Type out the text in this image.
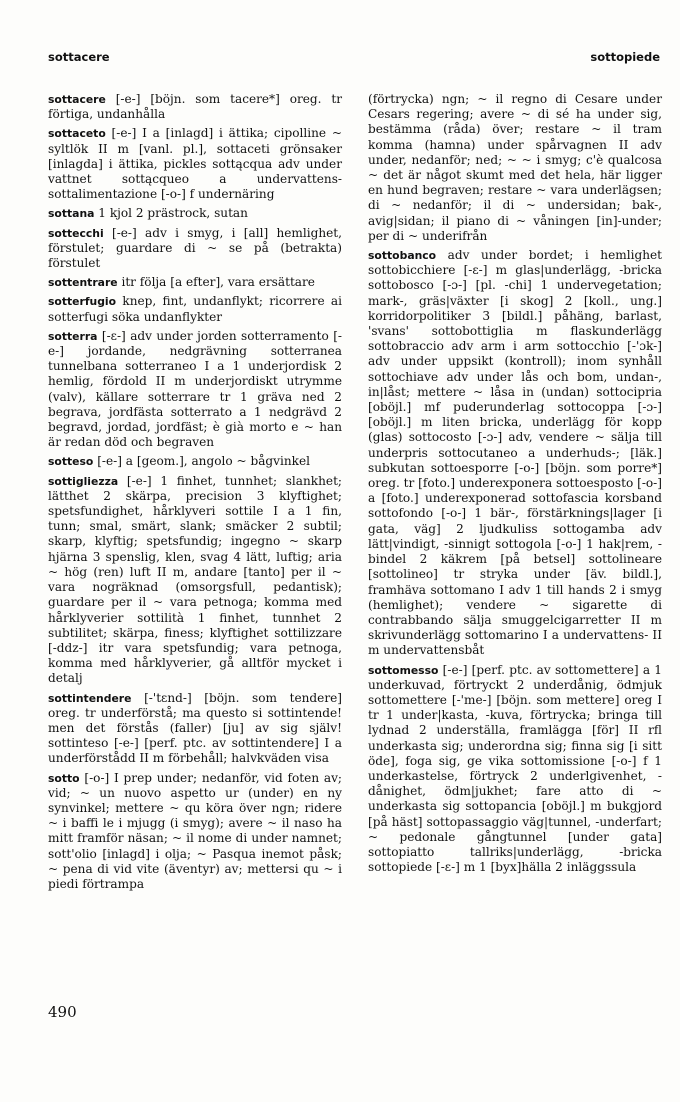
sottacere	sottopiede

sottacere [-e-] [böjn. som tacere*] oreg. tr förtiga, undanhålla

sottaceto [-e-] I a [inlagd] i ättika; cipolline ~ syltlök II m [vanl. pl.], sottaceti grönsaker [inlagda] i ättika, pickles sottącqua adv under vattnet sottącqueo a undervattens- sottalimentazione [-o-] f undernäring

sottana 1 kjol 2 prästrock, sutan

sottecchi [-e-] adv i smyg, i [all] hemlighet, förstulet; guardare di ~ se på (betrakta) förstulet

sottentrare itr följa [a efter], vara ersättare

sotterfugio knep, fint, undanflykt; ricorrere ai sotterfugi söka undanflykter

sotterra [-ɛ-] adv under jorden sotterramento [-e-] jordande, nedgrävning sotterranea tunnelbana sotterraneo I a 1 underjordisk 2 hemlig, fördold II m underjordiskt utrymme (valv), källare sotterrare tr 1 gräva ned 2 begrava, jordfästa sotterrato a 1 nedgrävd 2 begravd, jordad, jordfäst; è già morto e ~ han är redan död och begraven

sotteso [-e-] a [geom.], angolo ~ bågvinkel

sottigliezza [-e-] 1 finhet, tunnhet; slankhet; lätthet 2 skärpa, precision 3 klyftighet; spetsfundighet, hårklyveri sottile I a 1 fin, tunn; smal, smärt, slank; smäcker 2 subtil; skarp, klyftig; spetsfundig; ingegno ~ skarp hjärna 3 spenslig, klen, svag 4 lätt, luftig; aria ~ hög (ren) luft II m, andare [tanto] per il ~ vara nogräknad (omsorgsfull, pedantisk); guardare per il ~ vara petnoga; komma med hårklyverier sottilità 1 finhet, tunnhet 2 subtilitet; skärpa, finess; klyftighet sottilizzare [-ddz-] itr vara spetsfundig; vara petnoga, komma med hårklyverier, gå alltför mycket i detalj

sottintendere [-'tɛnd-] [böjn. som tendere] oreg. tr underförstå; ma questo si sottintende! men det förstås (faller) [ju] av sig själv! sottinteso [-e-] [perf. ptc. av sottintendere] I a underförstådd II m förbehåll; halvkväden visa

sotto [-o-] I prep under; nedanför, vid foten av; vid; ~ un nuovo aspetto ur (under) en ny synvinkel; mettere ~ qu köra över ngn; ridere ~ i baffi le i mjugg (i smyg); avere ~ il naso ha mitt framför näsan; ~ il nome di under namnet; sott'olio [inlagd] i olja; ~ Pasqua inemot påsk; ~ pena di vid vite (äventyr) av; mettersi qu ~ i piedi förtrampa

(förtrycka) ngn; ~ il regno di Cesare under Cesars regering; avere ~ di sé ha under sig, bestämma (råda) över; restare ~ il tram komma (hamna) under spårvagnen II adv under, nedanför; ned; ~ ~ i smyg; c'è qualcosa ~ det är något skumt med det hela, här ligger en hund begraven; restare ~ vara underlägsen; di ~ nedanför; il di ~ undersidan; bak-, avig|sidan; il piano di ~ våningen [in]-under; per di ~ underifrån

sottobanco adv under bordet; i hemlighet sottobicchiere [-ɛ-] m glas|underlägg, -bricka sottobosco [-ɔ-] [pl. -chi] 1 undervegetation; mark-, gräs|växter [i skog] 2 [koll., ung.] korridorpolitiker 3 [bildl.] påhäng, barlast, 'svans' sottobottiglia m flaskunderlägg sottobraccio adv arm i arm sottocchio [-'ɔk-] adv under uppsikt (kontroll); inom synhåll sottochiave adv under lås och bom, undan-, in|låst; mettere ~ låsa in (undan) sottocipria [oböjl.] mf puderunderlag sottocoppa [-ɔ-] [oböjl.] m liten bricka, underlägg för kopp (glas) sottocosto [-ɔ-] adv, vendere ~ sälja till underpris sottocutaneo a underhuds-; [läk.] subkutan sottoesporre [-o-] [böjn. som porre*] oreg. tr [foto.] underexponera sottoesposto [-o-] a [foto.] underexponerad sottofascia korsband sottofondo [-o-] 1 bär-, förstärknings|lager [i gata, väg] 2 ljudkuliss sottogamba adv lätt|vindigt, -sinnigt sottogola [-o-] 1 hak|rem, -bindel 2 käkrem [på betsel] sottolineare [sottolineo] tr stryka under [äv. bildl.], framhäva sottomano I adv 1 till hands 2 i smyg (hemlighet); vendere ~ sigarette di contrabbando sälja smuggelcigarretter II m skrivunderlägg sottomarino I a undervattens- II m undervattensbåt

sottomesso [-e-] [perf. ptc. av sottomettere] a 1 underkuvad, förtryckt 2 underdånig, ödmjuk sottomettere [-'me-] [böjn. som mettere] oreg I tr 1 under|kasta, -kuva, förtrycka; bringa till lydnad 2 underställa, framlägga [för] II rfl underkasta sig; underordna sig; finna sig [i sitt öde], foga sig, ge vika sottomissione [-o-] f 1 underkastelse, förtryck 2 underlgivenhet, -dånighet, ödm|jukhet; fare atto di ~ underkasta sig sottopancia [oböjl.] m bukgjord [på häst] sottopassaggio väg|tunnel, -underfart; ~ pedonale gångtunnel [under gata] sottopiatto tallriks|underlägg, -bricka sottopiede [-ɛ-] m 1 [byx]hälla 2 inläggssula

490
